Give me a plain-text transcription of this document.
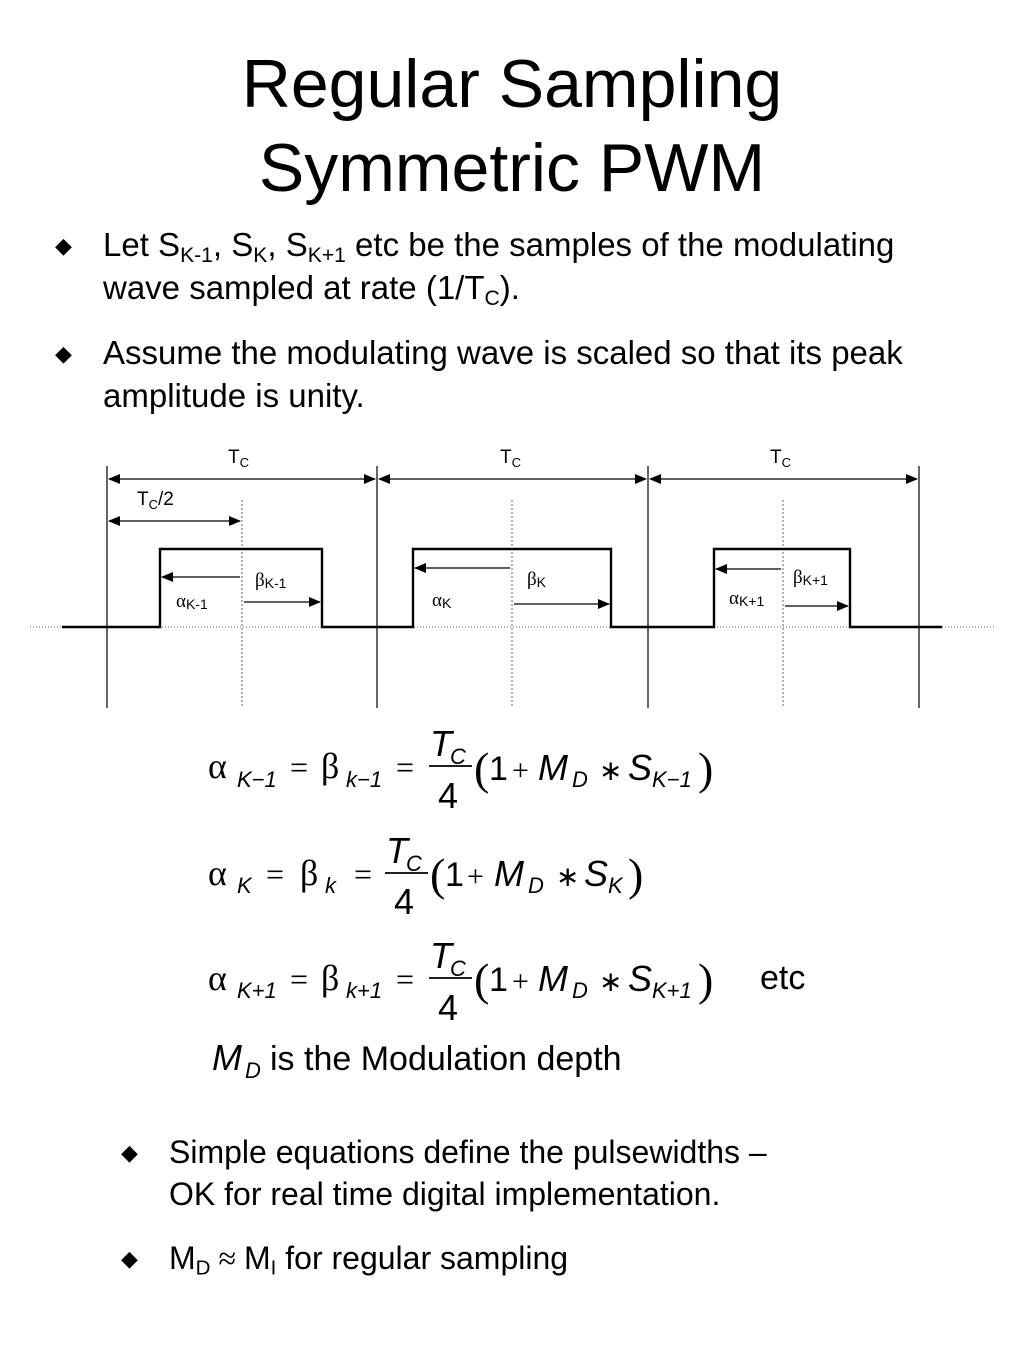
Regular Sampling
Symmetric PWM
◆ Let $S_{K-1}$, $S_K$, $S_{K+1}$ etc be the samples of the modulating
wave sampled at rate $(1/T_C)$.
◆ Assume the modulating wave is scaled so that its peak
amplitude is unity.
$T_C$	$T_C$	$T_C$
$T_C/2$
βK-1
αK-1
βK
αK
βK+1
αK+1
α K−1 = β k−1 =
T
C
4
( 1 + M D ∗ S K−1 )
α K = β k =
T
C
4
( 1 + M D ∗ S K )
α K+1 = β k+1 =
T
C
4
( 1 + M D ∗ S K+1 ) etc
M D is the Modulation depth
◆ Simple equations define the pulsewidths –
OK for real time digital implementation.
◆ $M_D \approx M_I$ for regular sampling
